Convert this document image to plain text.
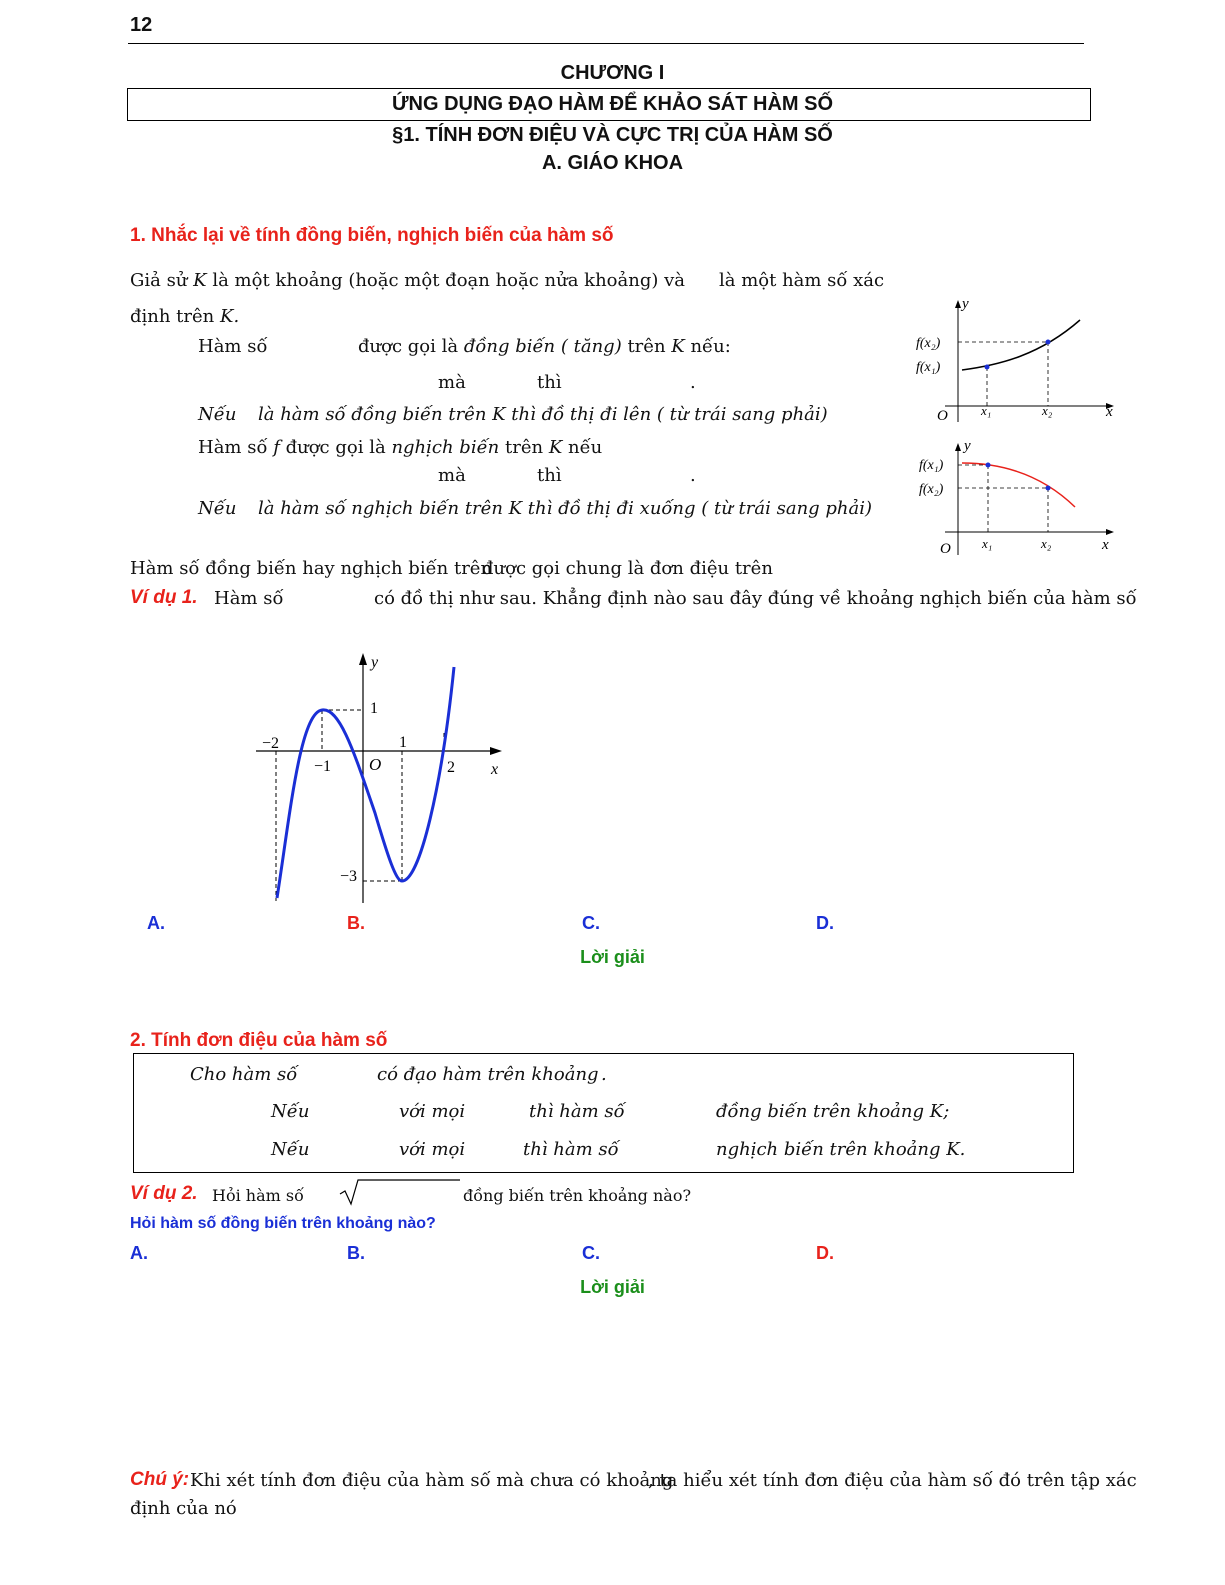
12
CHƯƠNG I
ỨNG DỤNG ĐẠO HÀM ĐỂ KHẢO SÁT HÀM SỐ
§1. TÍNH ĐƠN ĐIỆU VÀ CỰC TRỊ CỦA HÀM SỐ
A. GIÁO KHOA
1. Nhắc lại về tính đồng biến, nghịch biến của hàm số
Giả sử K là một khoảng (hoặc một đoạn hoặc nửa khoảng) và là một hàm số xác
định trên K.
Hàm số	được gọi là đồng biến ( tăng) trên K nếu:
mà	thì	.
Nếu là hàm số đồng biến trên K thì đồ thị đi lên ( từ trái sang phải)
Hàm số f được gọi là nghịch biến trên K nếu
mà	thì	.
Nếu là hàm số nghịch biến trên K thì đồ thị đi xuống ( từ trái sang phải)
Hàm số đồng biến hay nghịch biến trên
được gọi chung là đơn điệu trên
y
x
O
f(x₂)
f(x₁)
x₁	x₂
y
x
O
f(x₁)
f(x₂)
x₁	x₂
Ví dụ 1. Hàm số	có đồ thị như sau. Khẳng định nào sau đây đúng về khoảng nghịch biến của hàm số
y
x
O
1
−2
−1
1
2
−3
A.	B.	C.	D.
Lời giải
2. Tính đơn điệu của hàm số
Cho hàm số	có đạo hàm trên khoảng .
Nếu	với mọi	thì hàm số	đồng biến trên khoảng K;
Nếu	với mọi	thì hàm số	nghịch biến trên khoảng K.
Ví dụ 2. Hỏi hàm số	đồng biến trên khoảng nào?
Hỏi hàm số đồng biến trên khoảng nào?
A.	B.	C.	D.
Lời giải
Chú ý: Khi xét tính đơn điệu của hàm số mà chưa có khoảng
, ta hiểu xét tính đơn điệu của hàm số đó trên tập xác
định của nó
